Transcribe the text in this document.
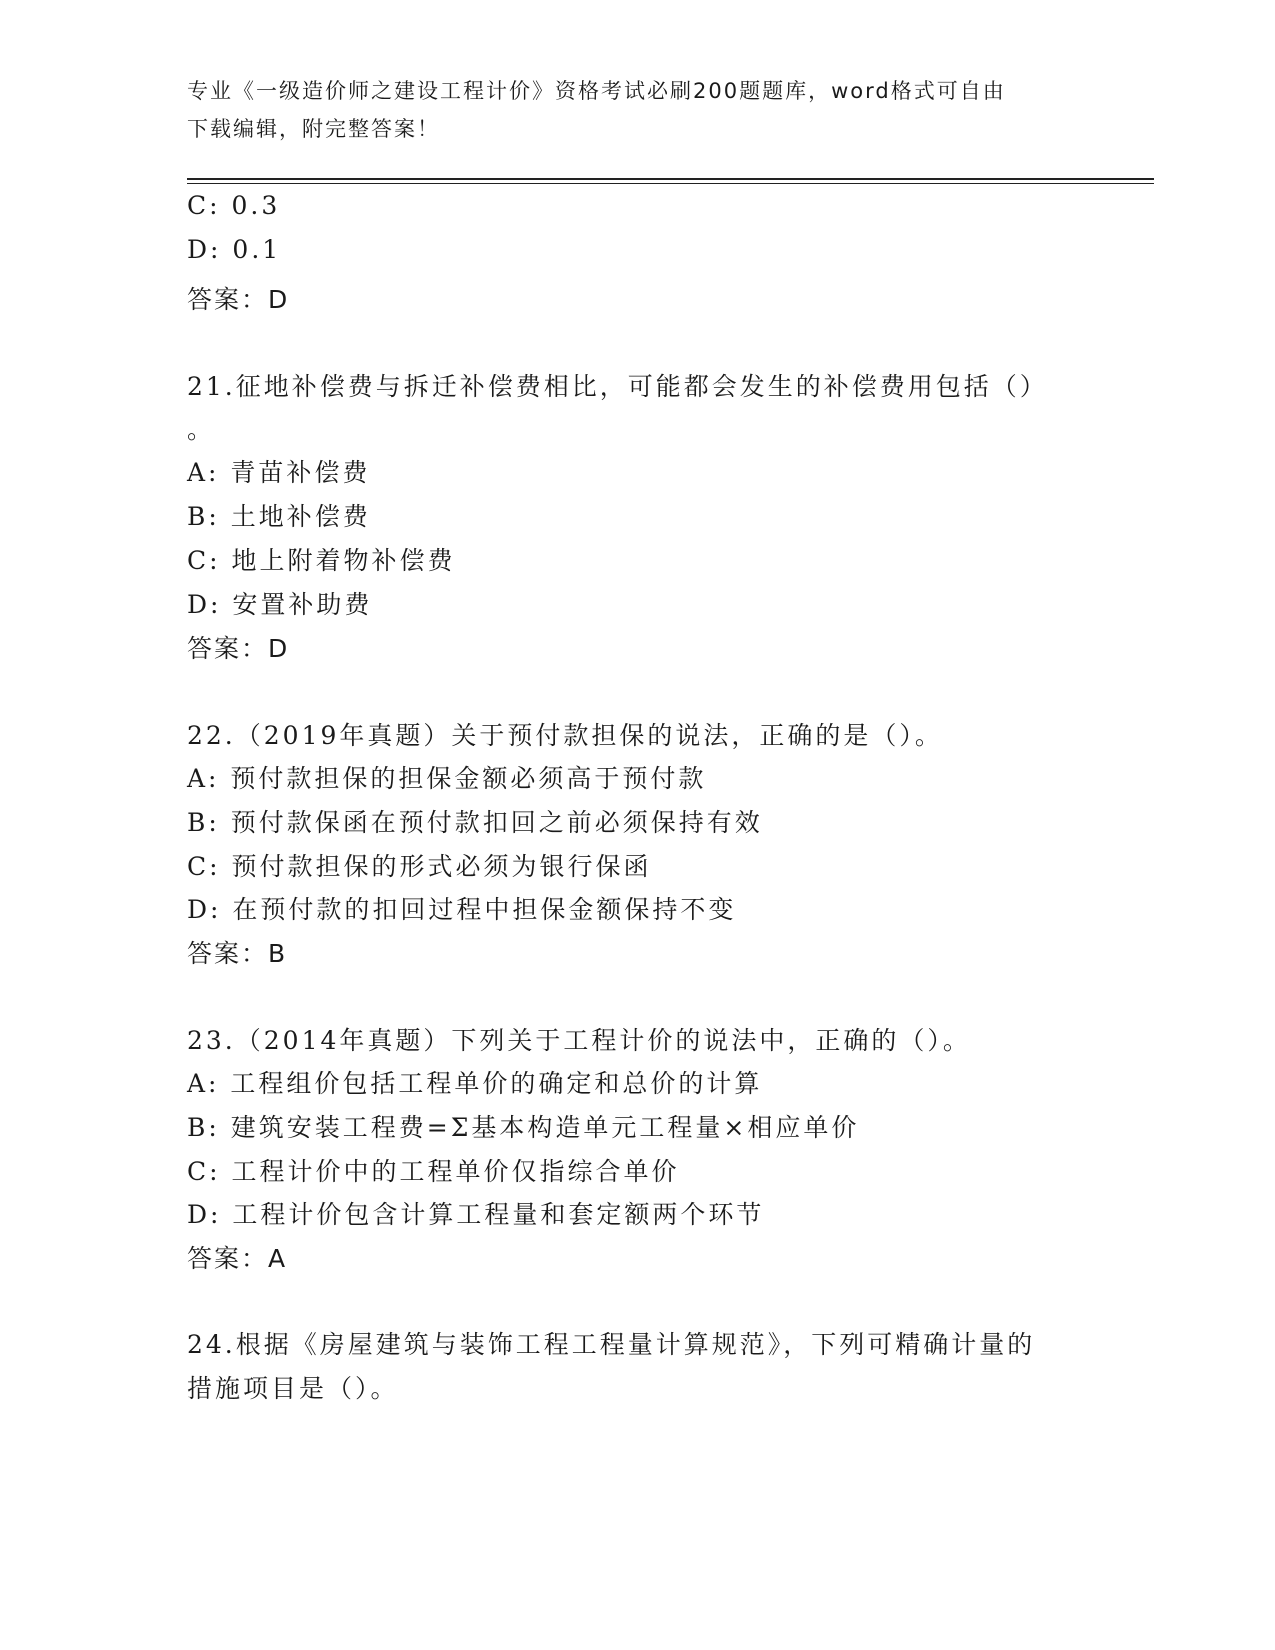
专业《一级造价师之建设工程计价》资格考试必刷200题题库，word格式可自由
下载编辑，附完整答案！
C: 0.3
D: 0.1
答案：D
21.征地补偿费与拆迁补偿费相比，可能都会发生的补偿费用包括（）
。
A: 青苗补偿费
B: 土地补偿费
C: 地上附着物补偿费
D: 安置补助费
答案：D
22.（2019年真题）关于预付款担保的说法，正确的是（）。
A: 预付款担保的担保金额必须高于预付款
B: 预付款保函在预付款扣回之前必须保持有效
C: 预付款担保的形式必须为银行保函
D: 在预付款的扣回过程中担保金额保持不变
答案：B
23.（2014年真题）下列关于工程计价的说法中，正确的（）。
A: 工程组价包括工程单价的确定和总价的计算
B: 建筑安装工程费=Σ基本构造单元工程量×相应单价
C: 工程计价中的工程单价仅指综合单价
D: 工程计价包含计算工程量和套定额两个环节
答案：A
24.根据《房屋建筑与装饰工程工程量计算规范》，下列可精确计量的
措施项目是（）。
